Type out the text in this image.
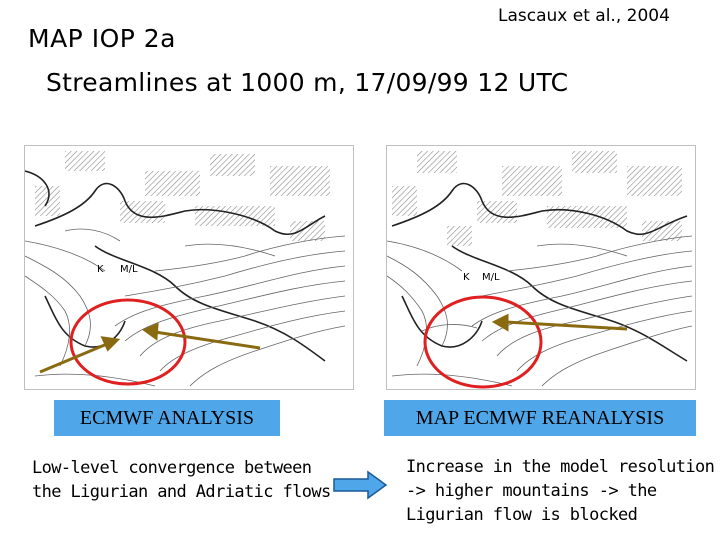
MAP IOP 2a
Lascaux et al., 2004
Streamlines at 1000 m, 17/09/99 12 UTC
K M/L
K M/L
ECMWF ANALYSIS	MAP ECMWF REANALYSIS
Low-level convergence between
the Ligurian and Adriatic flows
Increase in the model resolution
-> higher mountains -> the
Ligurian flow is blocked
